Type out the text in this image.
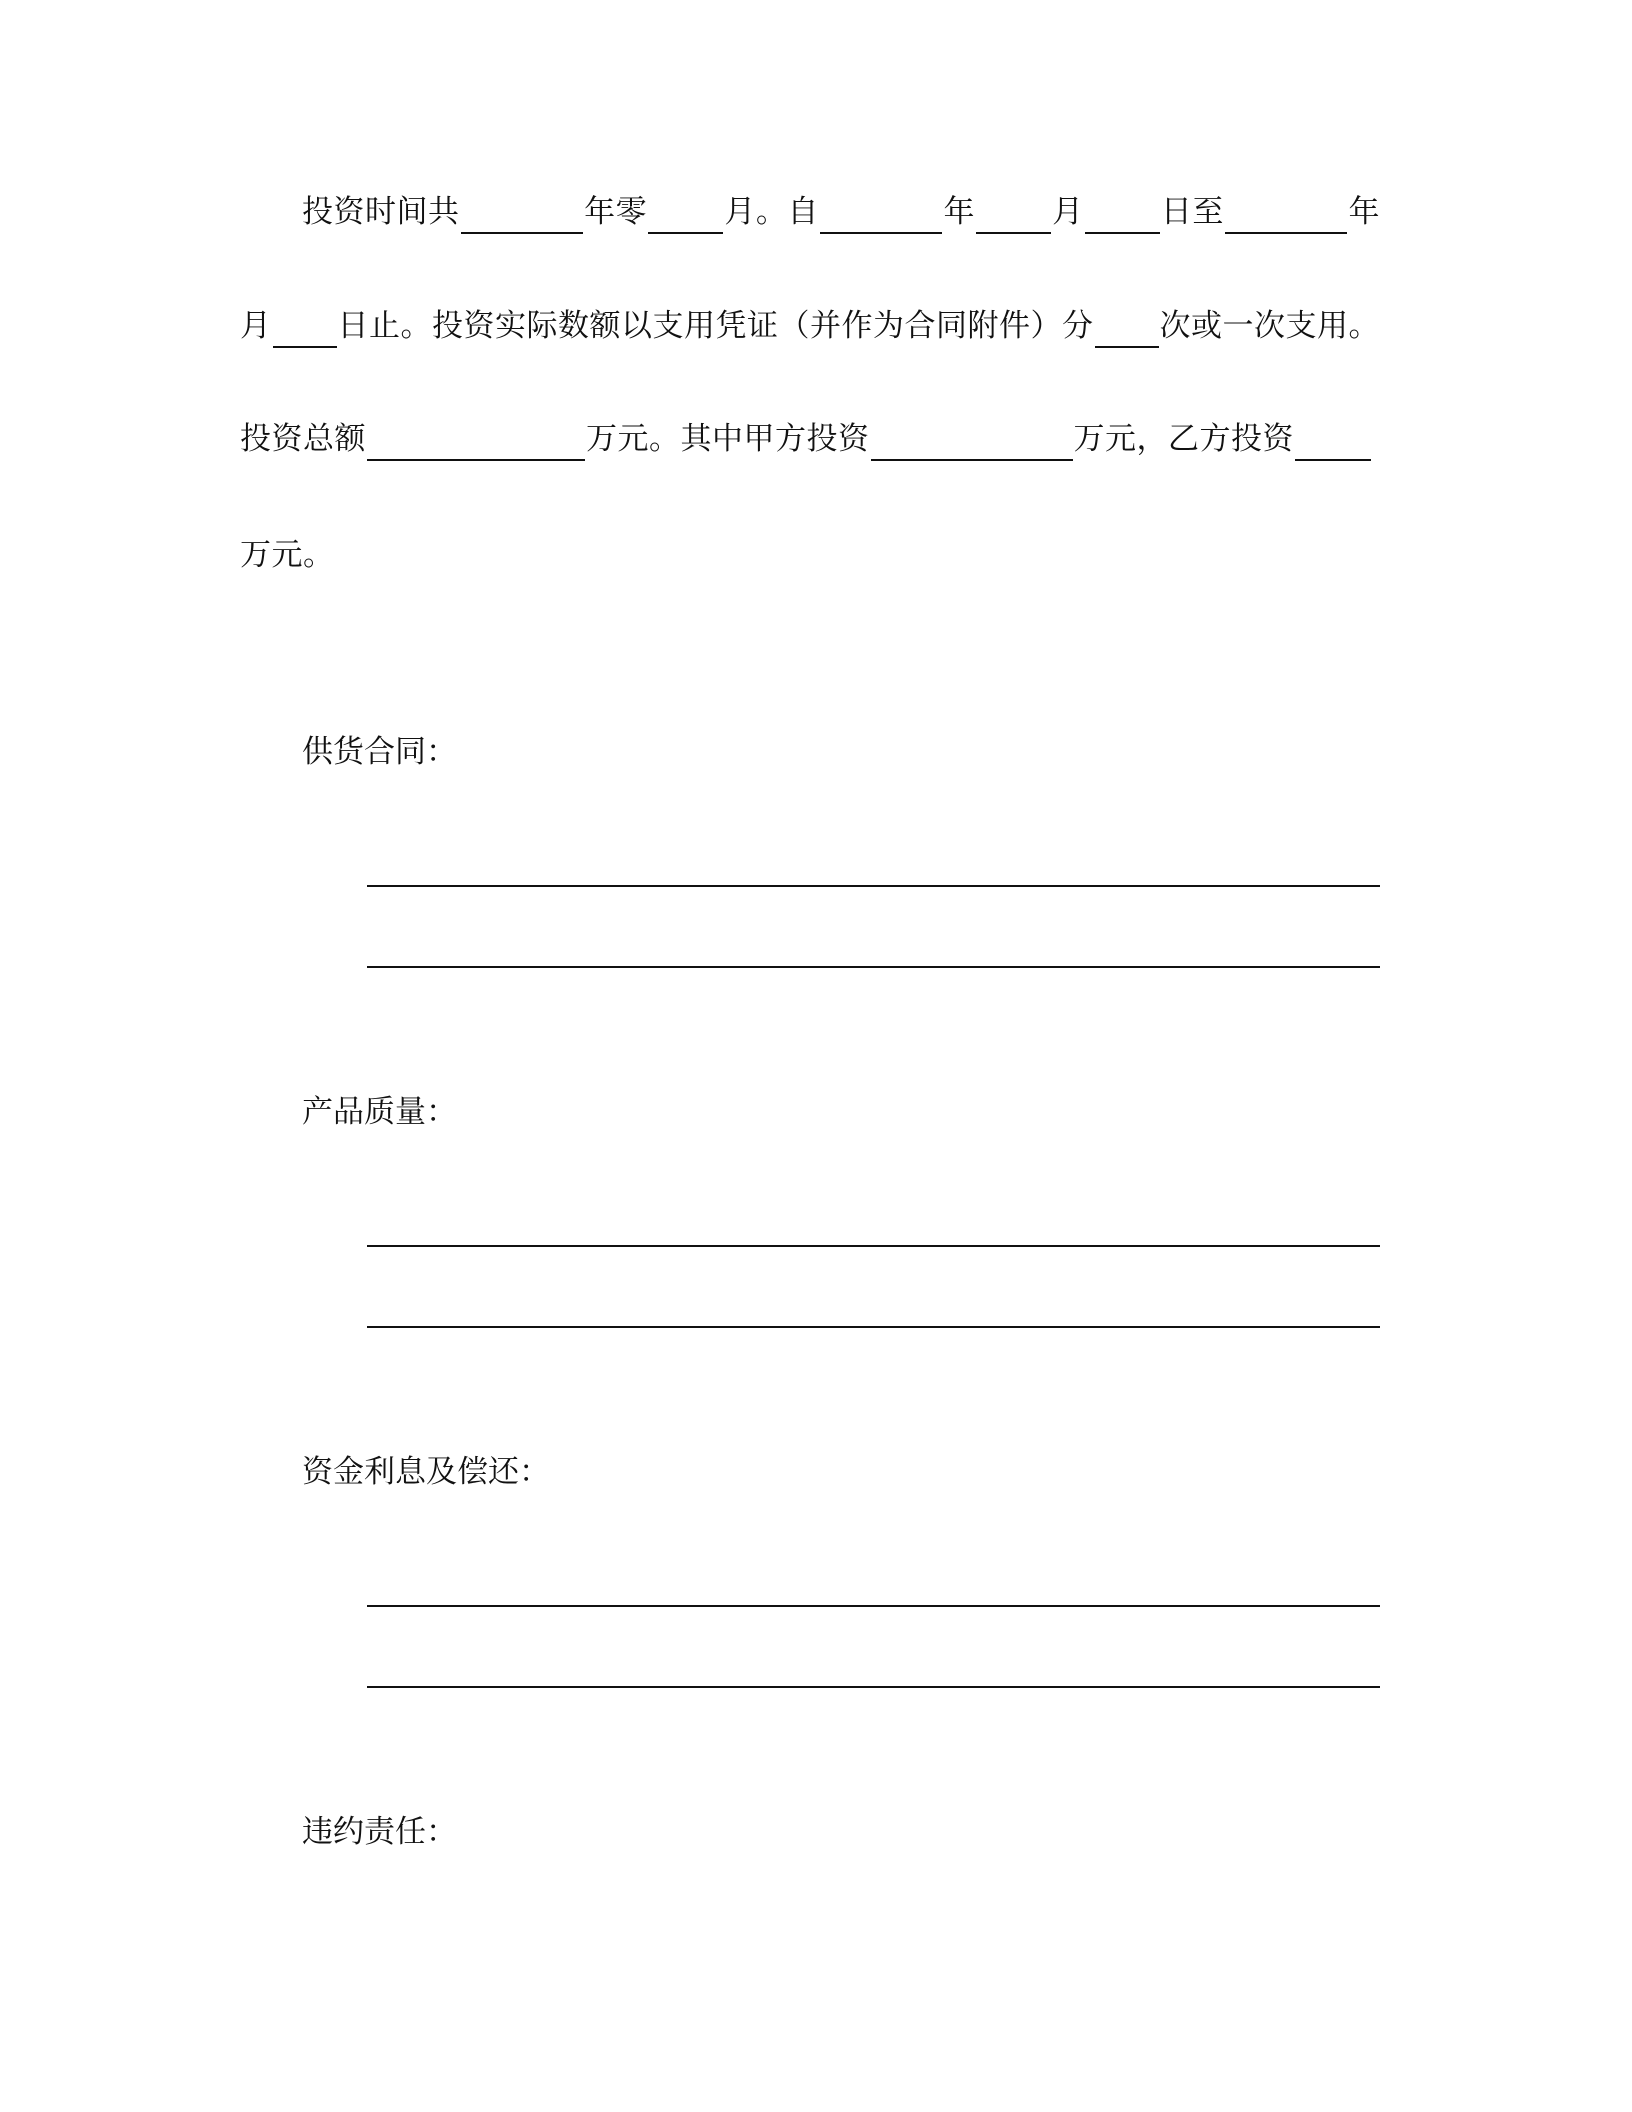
投资时间共	年零 月。自	年 月 日至	年
月 日止。投资实际数额以支用凭证（并作为合同附件）分 次或一次支用。
投资总额	万元。其中甲方投资	万元，乙方投资
万元。
供货合同：
产品质量：
资金利息及偿还：
违约责任：
